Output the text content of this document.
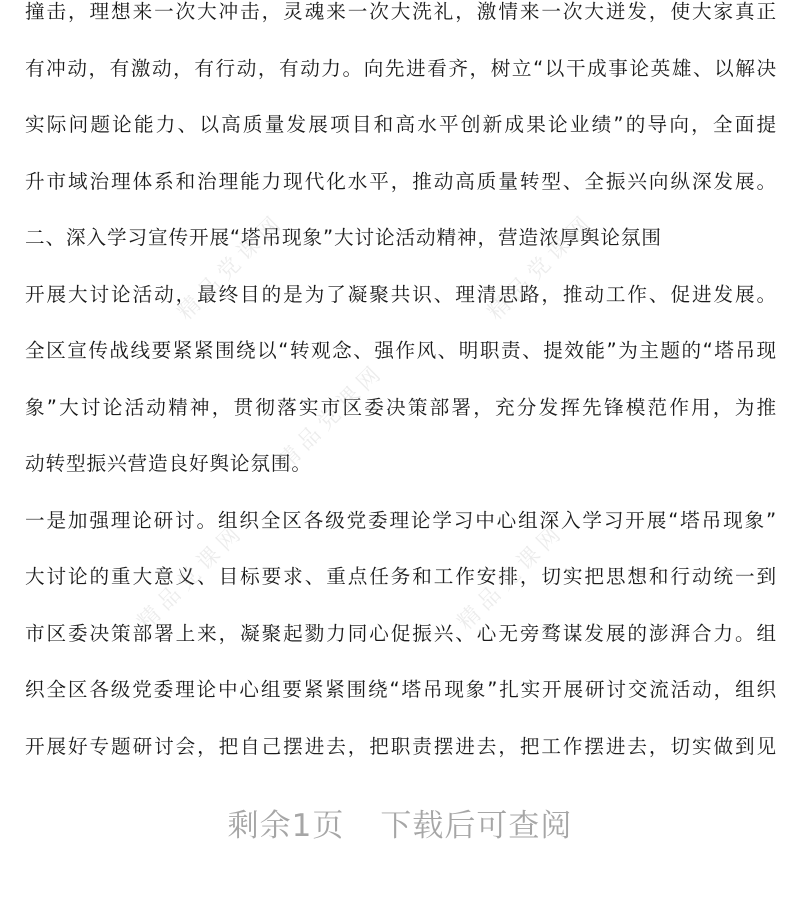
撞击，理想来一次大冲击，灵魂来一次大洗礼，激情来一次大迸发，使大家真正
有冲动，有激动，有行动，有动力。向先进看齐，树立“以干成事论英雄、以解决
实际问题论能力、以高质量发展项目和高水平创新成果论业绩”的导向，全面提
升市域治理体系和治理能力现代化水平，推动高质量转型、全振兴向纵深发展。
二、深入学习宣传开展“塔吊现象”大讨论活动精神，营造浓厚舆论氛围
开展大讨论活动，最终目的是为了凝聚共识、理清思路，推动工作、促进发展。
全区宣传战线要紧紧围绕以“转观念、强作风、明职责、提效能”为主题的“塔吊现
象”大讨论活动精神，贯彻落实市区委决策部署，充分发挥先锋模范作用，为推
动转型振兴营造良好舆论氛围。
一是加强理论研讨。组织全区各级党委理论学习中心组深入学习开展“塔吊现象”
大讨论的重大意义、目标要求、重点任务和工作安排，切实把思想和行动统一到
市区委决策部署上来，凝聚起勠力同心促振兴、心无旁骛谋发展的澎湃合力。组
织全区各级党委理论中心组要紧紧围绕“塔吊现象”扎实开展研讨交流活动，组织
开展好专题研讨会，把自己摆进去，把职责摆进去，把工作摆进去，切实做到见
精品党课网	精品党课网
精品党课网
精品党课网	精品党课网
剩余1页 下载后可查阅
